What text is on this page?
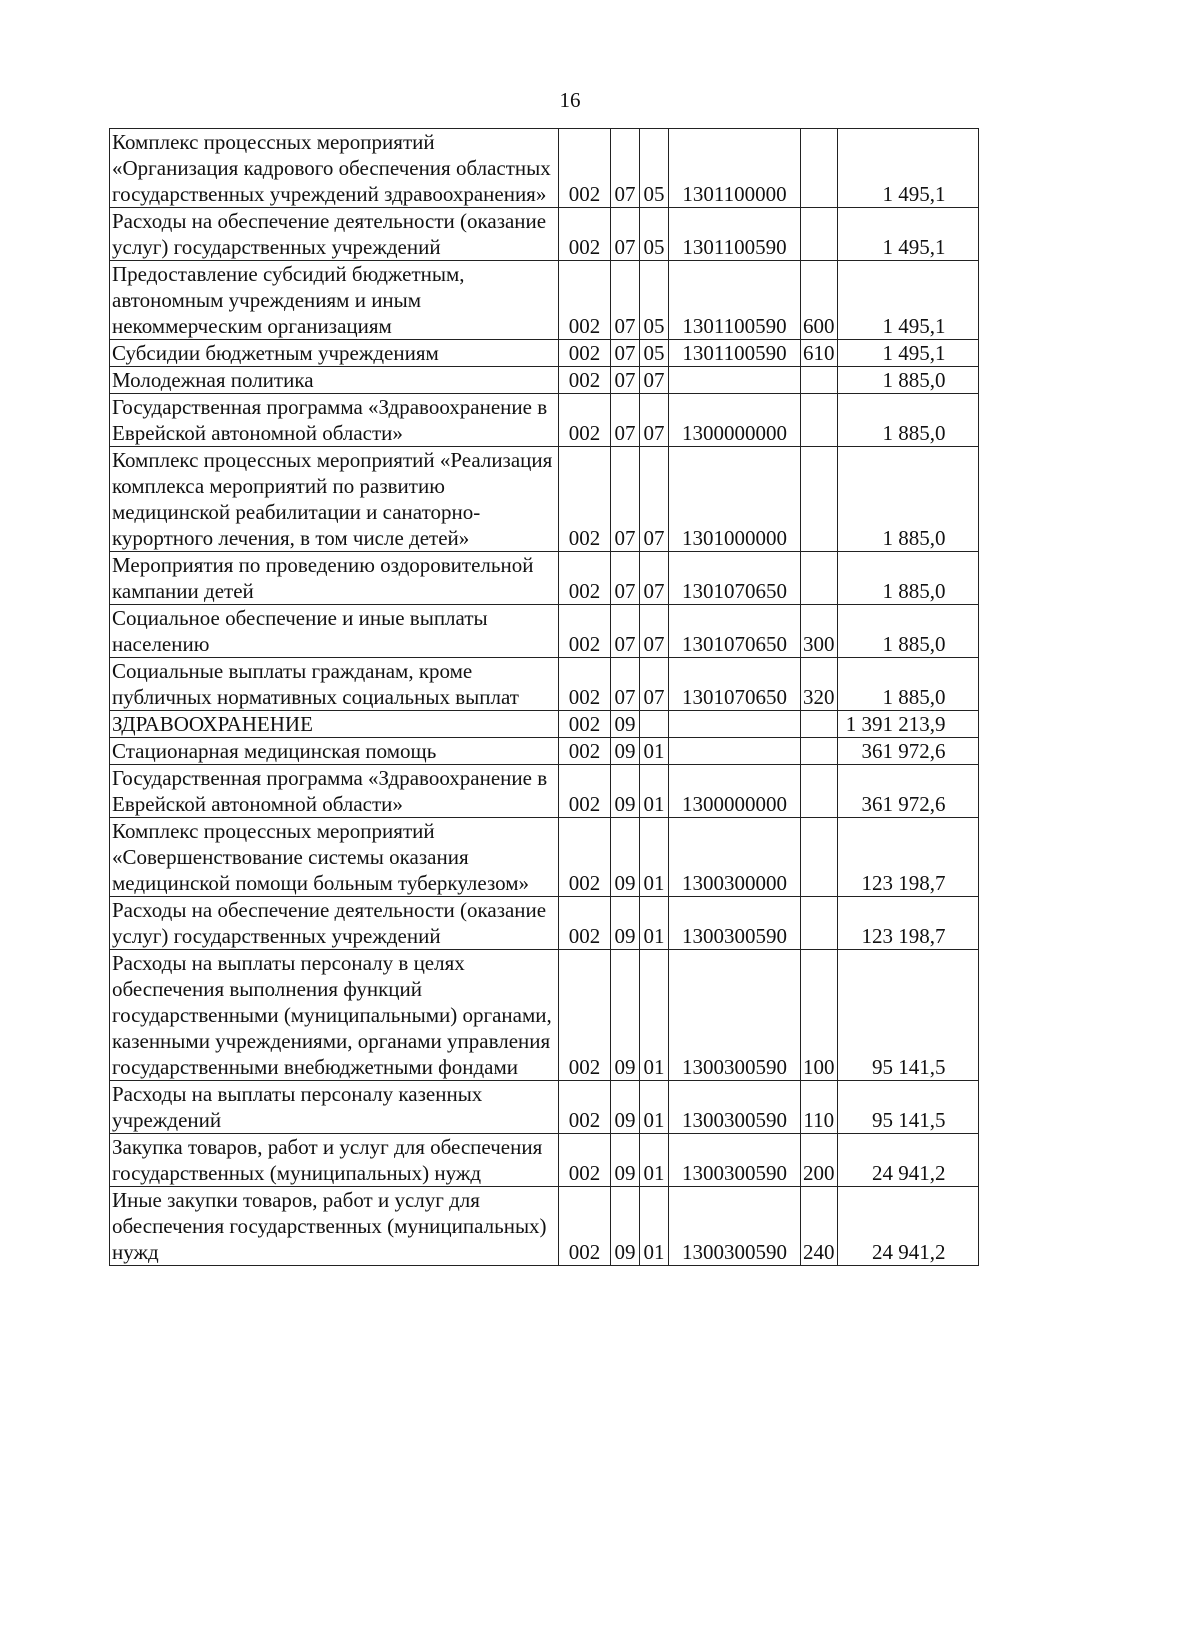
16
Комплекс процессных мероприятий «Организация кадрового обеспечения областных государственных учреждений здравоохранения»	002	07	05	1301100000		1 495,1
Расходы на обеспечение деятельности (оказание услуг) государственных учреждений	002	07	05	1301100590		1 495,1
Предоставление субсидий бюджетным, автономным учреждениям и иным некоммерческим организациям	002	07	05	1301100590	600	1 495,1
Субсидии бюджетным учреждениям	002	07	05	1301100590	610	1 495,1
Молодежная политика	002	07	07			1 885,0
Государственная программа «Здравоохранение в Еврейской автономной области»	002	07	07	1300000000		1 885,0
Комплекс процессных мероприятий «Реализация комплекса мероприятий по развитию медицинской реабилитации и санаторно-курортного лечения, в том числе детей»	002	07	07	1301000000		1 885,0
Мероприятия по проведению оздоровительной кампании детей	002	07	07	1301070650		1 885,0
Социальное обеспечение и иные выплаты населению	002	07	07	1301070650	300	1 885,0
Социальные выплаты гражданам, кроме публичных нормативных социальных выплат	002	07	07	1301070650	320	1 885,0
ЗДРАВООХРАНЕНИЕ	002	09				1 391 213,9
Стационарная медицинская помощь	002	09	01			361 972,6
Государственная программа «Здравоохранение в Еврейской автономной области»	002	09	01	1300000000		361 972,6
Комплекс процессных мероприятий «Совершенствование системы оказания медицинской помощи больным туберкулезом»	002	09	01	1300300000		123 198,7
Расходы на обеспечение деятельности (оказание услуг) государственных учреждений	002	09	01	1300300590		123 198,7
Расходы на выплаты персоналу в целях обеспечения выполнения функций государственными (муниципальными) органами, казенными учреждениями, органами управления государственными внебюджетными фондами	002	09	01	1300300590	100	95 141,5
Расходы на выплаты персоналу казенных учреждений	002	09	01	1300300590	110	95 141,5
Закупка товаров, работ и услуг для обеспечения государственных (муниципальных) нужд	002	09	01	1300300590	200	24 941,2
Иные закупки товаров, работ и услуг для обеспечения государственных (муниципальных) нужд	002	09	01	1300300590	240	24 941,2
